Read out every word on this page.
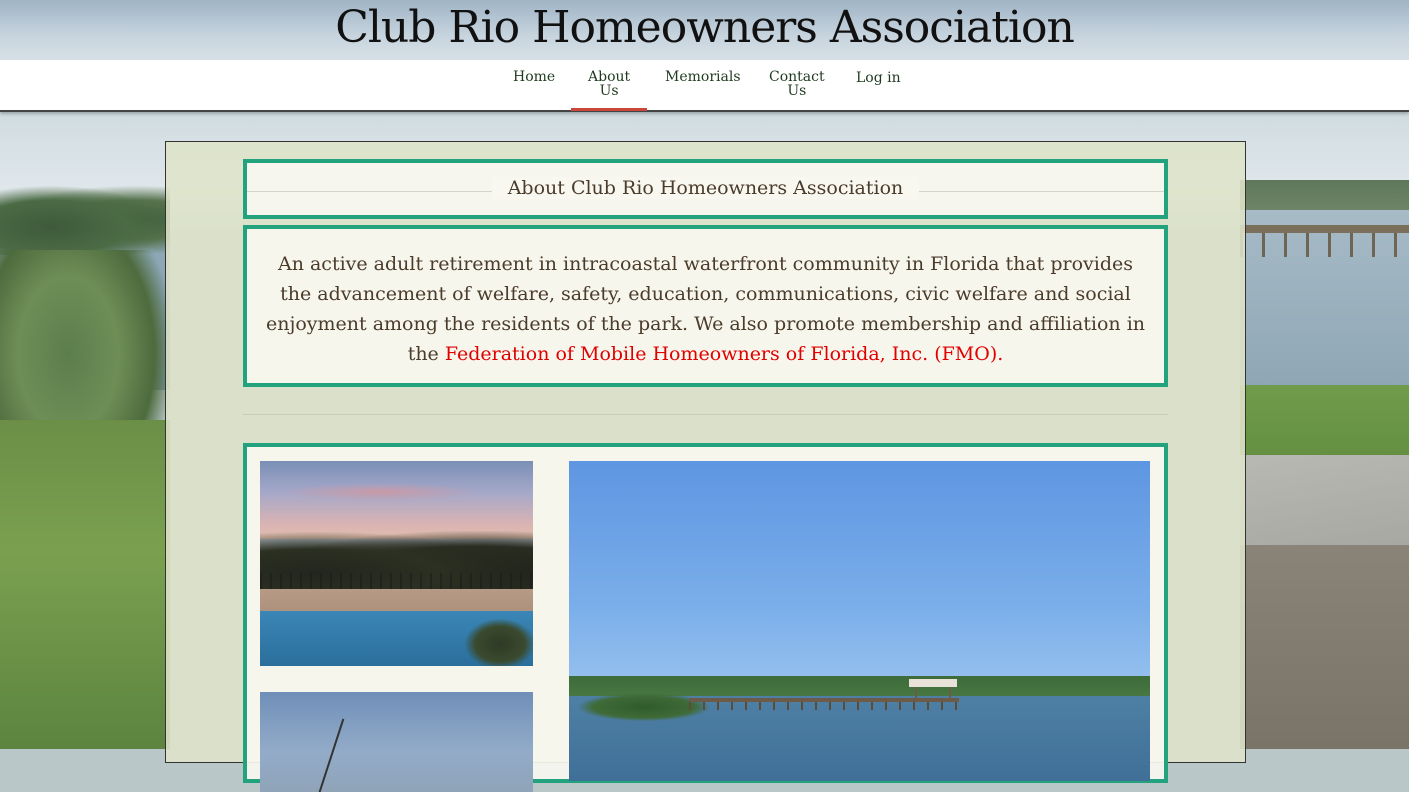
Club Rio Homeowners Association
Home About
Us
Memorials Contact
Us
Log in
About Club Rio Homeowners Association
An active adult retirement in intracoastal waterfront community in Florida that provides the advancement of welfare, safety, education, communications, civic welfare and social enjoyment among the residents of the park. We also promote membership and affiliation in the Federation of Mobile Homeowners of Florida, Inc. (FMO).
